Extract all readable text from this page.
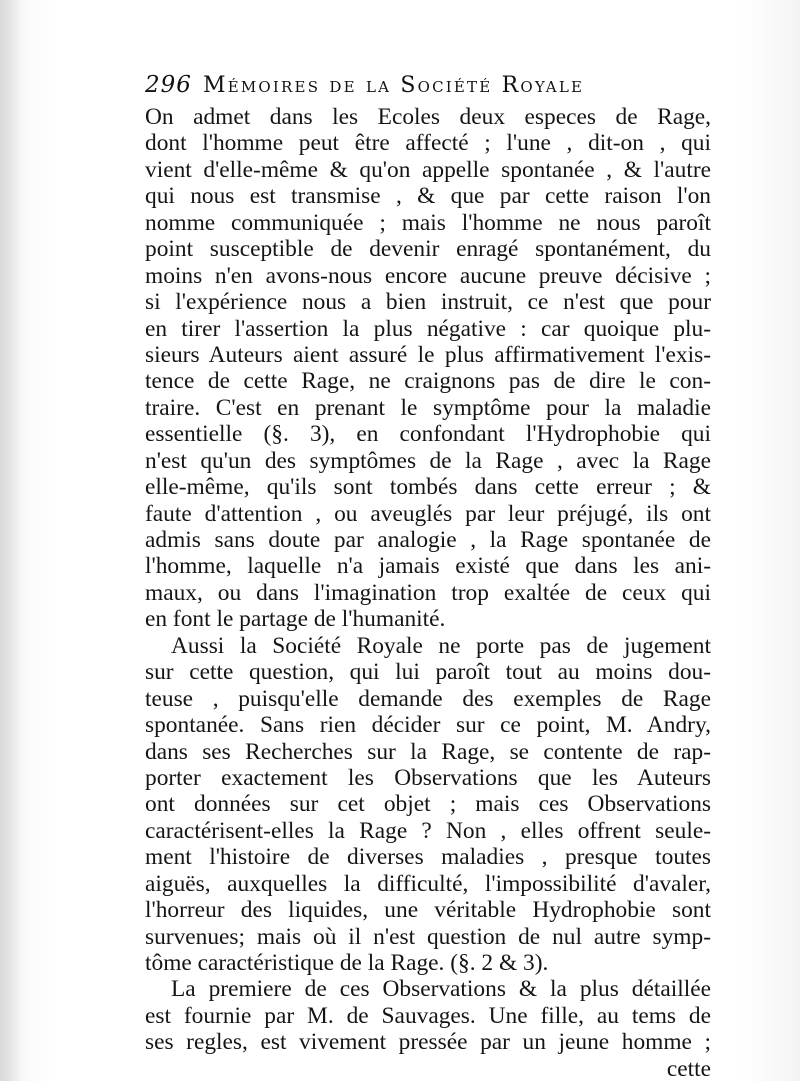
296 Mémoires de la Société Royale
On admet dans les Ecoles deux especes de Rage,
dont l'homme peut être affecté ; l'une , dit-on , qui
vient d'elle-même & qu'on appelle spontanée , & l'autre
qui nous est transmise , & que par cette raison l'on
nomme communiquée ; mais l'homme ne nous paroît
point susceptible de devenir enragé spontanément, du
moins n'en avons-nous encore aucune preuve décisive ;
si l'expérience nous a bien instruit, ce n'est que pour
en tirer l'assertion la plus négative : car quoique plu-
sieurs Auteurs aient assuré le plus affirmativement l'exis-
tence de cette Rage, ne craignons pas de dire le con-
traire. C'est en prenant le symptôme pour la maladie
essentielle (§. 3), en confondant l'Hydrophobie qui
n'est qu'un des symptômes de la Rage , avec la Rage
elle-même, qu'ils sont tombés dans cette erreur ; &
faute d'attention , ou aveuglés par leur préjugé, ils ont
admis sans doute par analogie , la Rage spontanée de
l'homme, laquelle n'a jamais existé que dans les ani-
maux, ou dans l'imagination trop exaltée de ceux qui
en font le partage de l'humanité.
Aussi la Société Royale ne porte pas de jugement
sur cette question, qui lui paroît tout au moins dou-
teuse , puisqu'elle demande des exemples de Rage
spontanée. Sans rien décider sur ce point, M. Andry,
dans ses Recherches sur la Rage, se contente de rap-
porter exactement les Observations que les Auteurs
ont données sur cet objet ; mais ces Observations
caractérisent-elles la Rage ? Non , elles offrent seule-
ment l'histoire de diverses maladies , presque toutes
aiguës, auxquelles la difficulté, l'impossibilité d'avaler,
l'horreur des liquides, une véritable Hydrophobie sont
survenues; mais où il n'est question de nul autre symp-
tôme caractéristique de la Rage. (§. 2 & 3).
La premiere de ces Observations & la plus détaillée
est fournie par M. de Sauvages. Une fille, au tems de
ses regles, est vivement pressée par un jeune homme ;
cette
